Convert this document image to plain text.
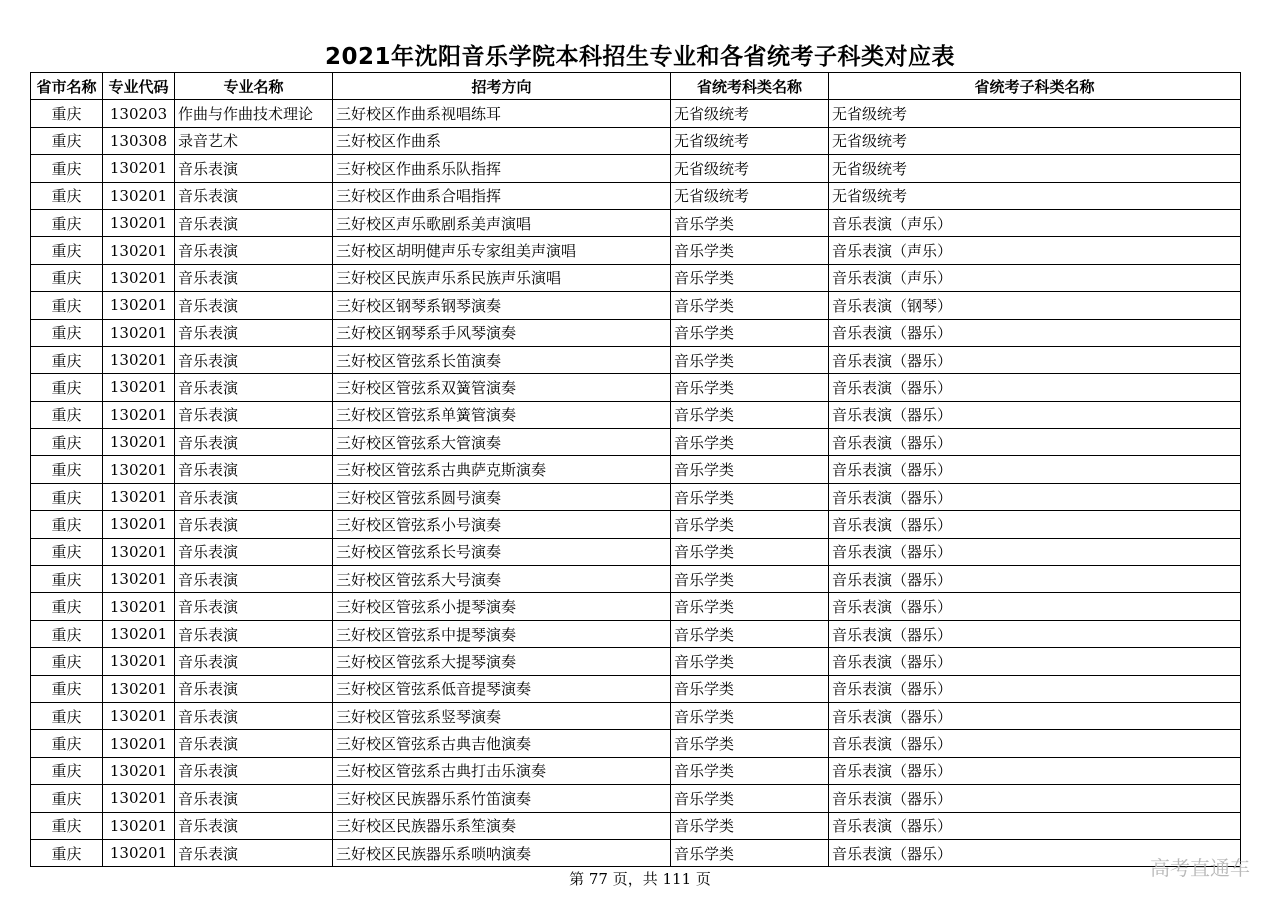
2021年沈阳音乐学院本科招生专业和各省统考子科类对应表
省市名称	专业代码	专业名称	招考方向	省统考科类名称	省统考子科类名称
重庆	130203	作曲与作曲技术理论	三好校区作曲系视唱练耳	无省级统考	无省级统考
重庆	130308	录音艺术	三好校区作曲系	无省级统考	无省级统考
重庆	130201	音乐表演	三好校区作曲系乐队指挥	无省级统考	无省级统考
重庆	130201	音乐表演	三好校区作曲系合唱指挥	无省级统考	无省级统考
重庆	130201	音乐表演	三好校区声乐歌剧系美声演唱	音乐学类	音乐表演（声乐）
重庆	130201	音乐表演	三好校区胡明健声乐专家组美声演唱	音乐学类	音乐表演（声乐）
重庆	130201	音乐表演	三好校区民族声乐系民族声乐演唱	音乐学类	音乐表演（声乐）
重庆	130201	音乐表演	三好校区钢琴系钢琴演奏	音乐学类	音乐表演（钢琴）
重庆	130201	音乐表演	三好校区钢琴系手风琴演奏	音乐学类	音乐表演（器乐）
重庆	130201	音乐表演	三好校区管弦系长笛演奏	音乐学类	音乐表演（器乐）
重庆	130201	音乐表演	三好校区管弦系双簧管演奏	音乐学类	音乐表演（器乐）
重庆	130201	音乐表演	三好校区管弦系单簧管演奏	音乐学类	音乐表演（器乐）
重庆	130201	音乐表演	三好校区管弦系大管演奏	音乐学类	音乐表演（器乐）
重庆	130201	音乐表演	三好校区管弦系古典萨克斯演奏	音乐学类	音乐表演（器乐）
重庆	130201	音乐表演	三好校区管弦系圆号演奏	音乐学类	音乐表演（器乐）
重庆	130201	音乐表演	三好校区管弦系小号演奏	音乐学类	音乐表演（器乐）
重庆	130201	音乐表演	三好校区管弦系长号演奏	音乐学类	音乐表演（器乐）
重庆	130201	音乐表演	三好校区管弦系大号演奏	音乐学类	音乐表演（器乐）
重庆	130201	音乐表演	三好校区管弦系小提琴演奏	音乐学类	音乐表演（器乐）
重庆	130201	音乐表演	三好校区管弦系中提琴演奏	音乐学类	音乐表演（器乐）
重庆	130201	音乐表演	三好校区管弦系大提琴演奏	音乐学类	音乐表演（器乐）
重庆	130201	音乐表演	三好校区管弦系低音提琴演奏	音乐学类	音乐表演（器乐）
重庆	130201	音乐表演	三好校区管弦系竖琴演奏	音乐学类	音乐表演（器乐）
重庆	130201	音乐表演	三好校区管弦系古典吉他演奏	音乐学类	音乐表演（器乐）
重庆	130201	音乐表演	三好校区管弦系古典打击乐演奏	音乐学类	音乐表演（器乐）
重庆	130201	音乐表演	三好校区民族器乐系竹笛演奏	音乐学类	音乐表演（器乐）
重庆	130201	音乐表演	三好校区民族器乐系笙演奏	音乐学类	音乐表演（器乐）
重庆	130201	音乐表演	三好校区民族器乐系唢呐演奏	音乐学类	音乐表演（器乐）
第 77 页，共 111 页	高考直通车
